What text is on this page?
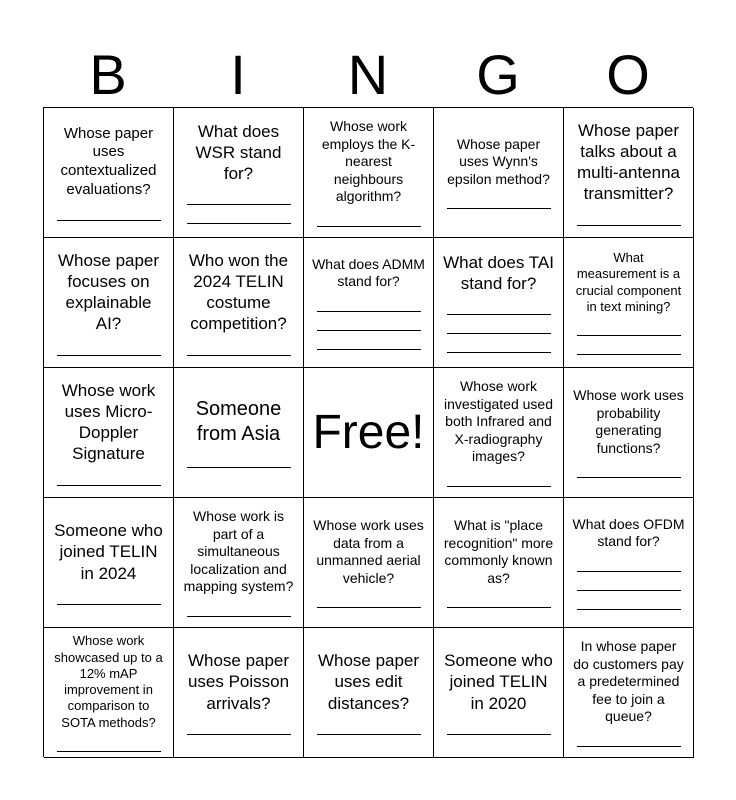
B	I	N	G	O
Whose paper uses contextualized evaluations?
What does WSR stand for?
Whose work employs the K-nearest neighbours algorithm?
Whose paper uses Wynn's epsilon method?
Whose paper talks about a multi-antenna transmitter?
Whose paper focuses on explainable AI?
Who won the 2024 TELIN costume competition?
What does ADMM stand for?
What does TAI stand for?
What measurement is a crucial component in text mining?
Whose work uses Micro-Doppler Signature
Someone from Asia Free!
Whose work investigated used both Infrared and X-radiography images?
Whose work uses probability generating functions?
Someone who joined TELIN in 2024
Whose work is part of a simultaneous localization and mapping system?
Whose work uses data from a unmanned aerial vehicle?
What is "place recognition" more commonly known as?
What does OFDM stand for?
Whose work showcased up to a 12% mAP improvement in comparison to SOTA methods?
Whose paper uses Poisson arrivals?
Whose paper uses edit distances?
Someone who joined TELIN in 2020
In whose paper do customers pay a predetermined fee to join a queue?
